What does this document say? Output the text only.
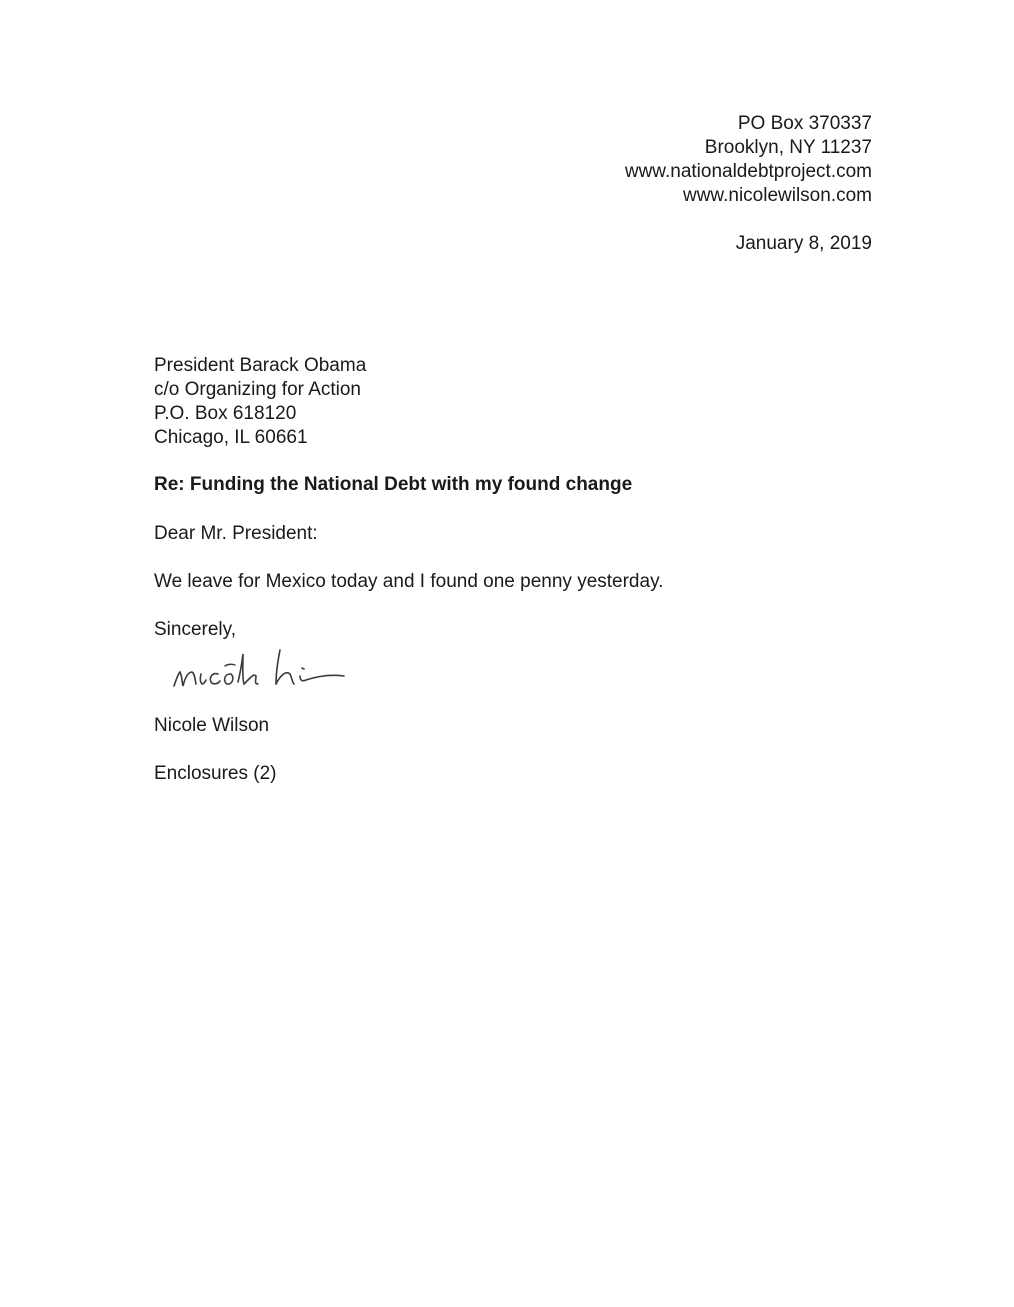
PO Box 370337
Brooklyn, NY 11237
www.nationaldebtproject.com
www.nicolewilson.com
January 8, 2019
President Barack Obama
c/o Organizing for Action
P.O. Box 618120
Chicago, IL 60661
Re: Funding the National Debt with my found change
Dear Mr. President:
We leave for Mexico today and I found one penny yesterday.
Sincerely,
Nicole Wilson
Enclosures (2)
